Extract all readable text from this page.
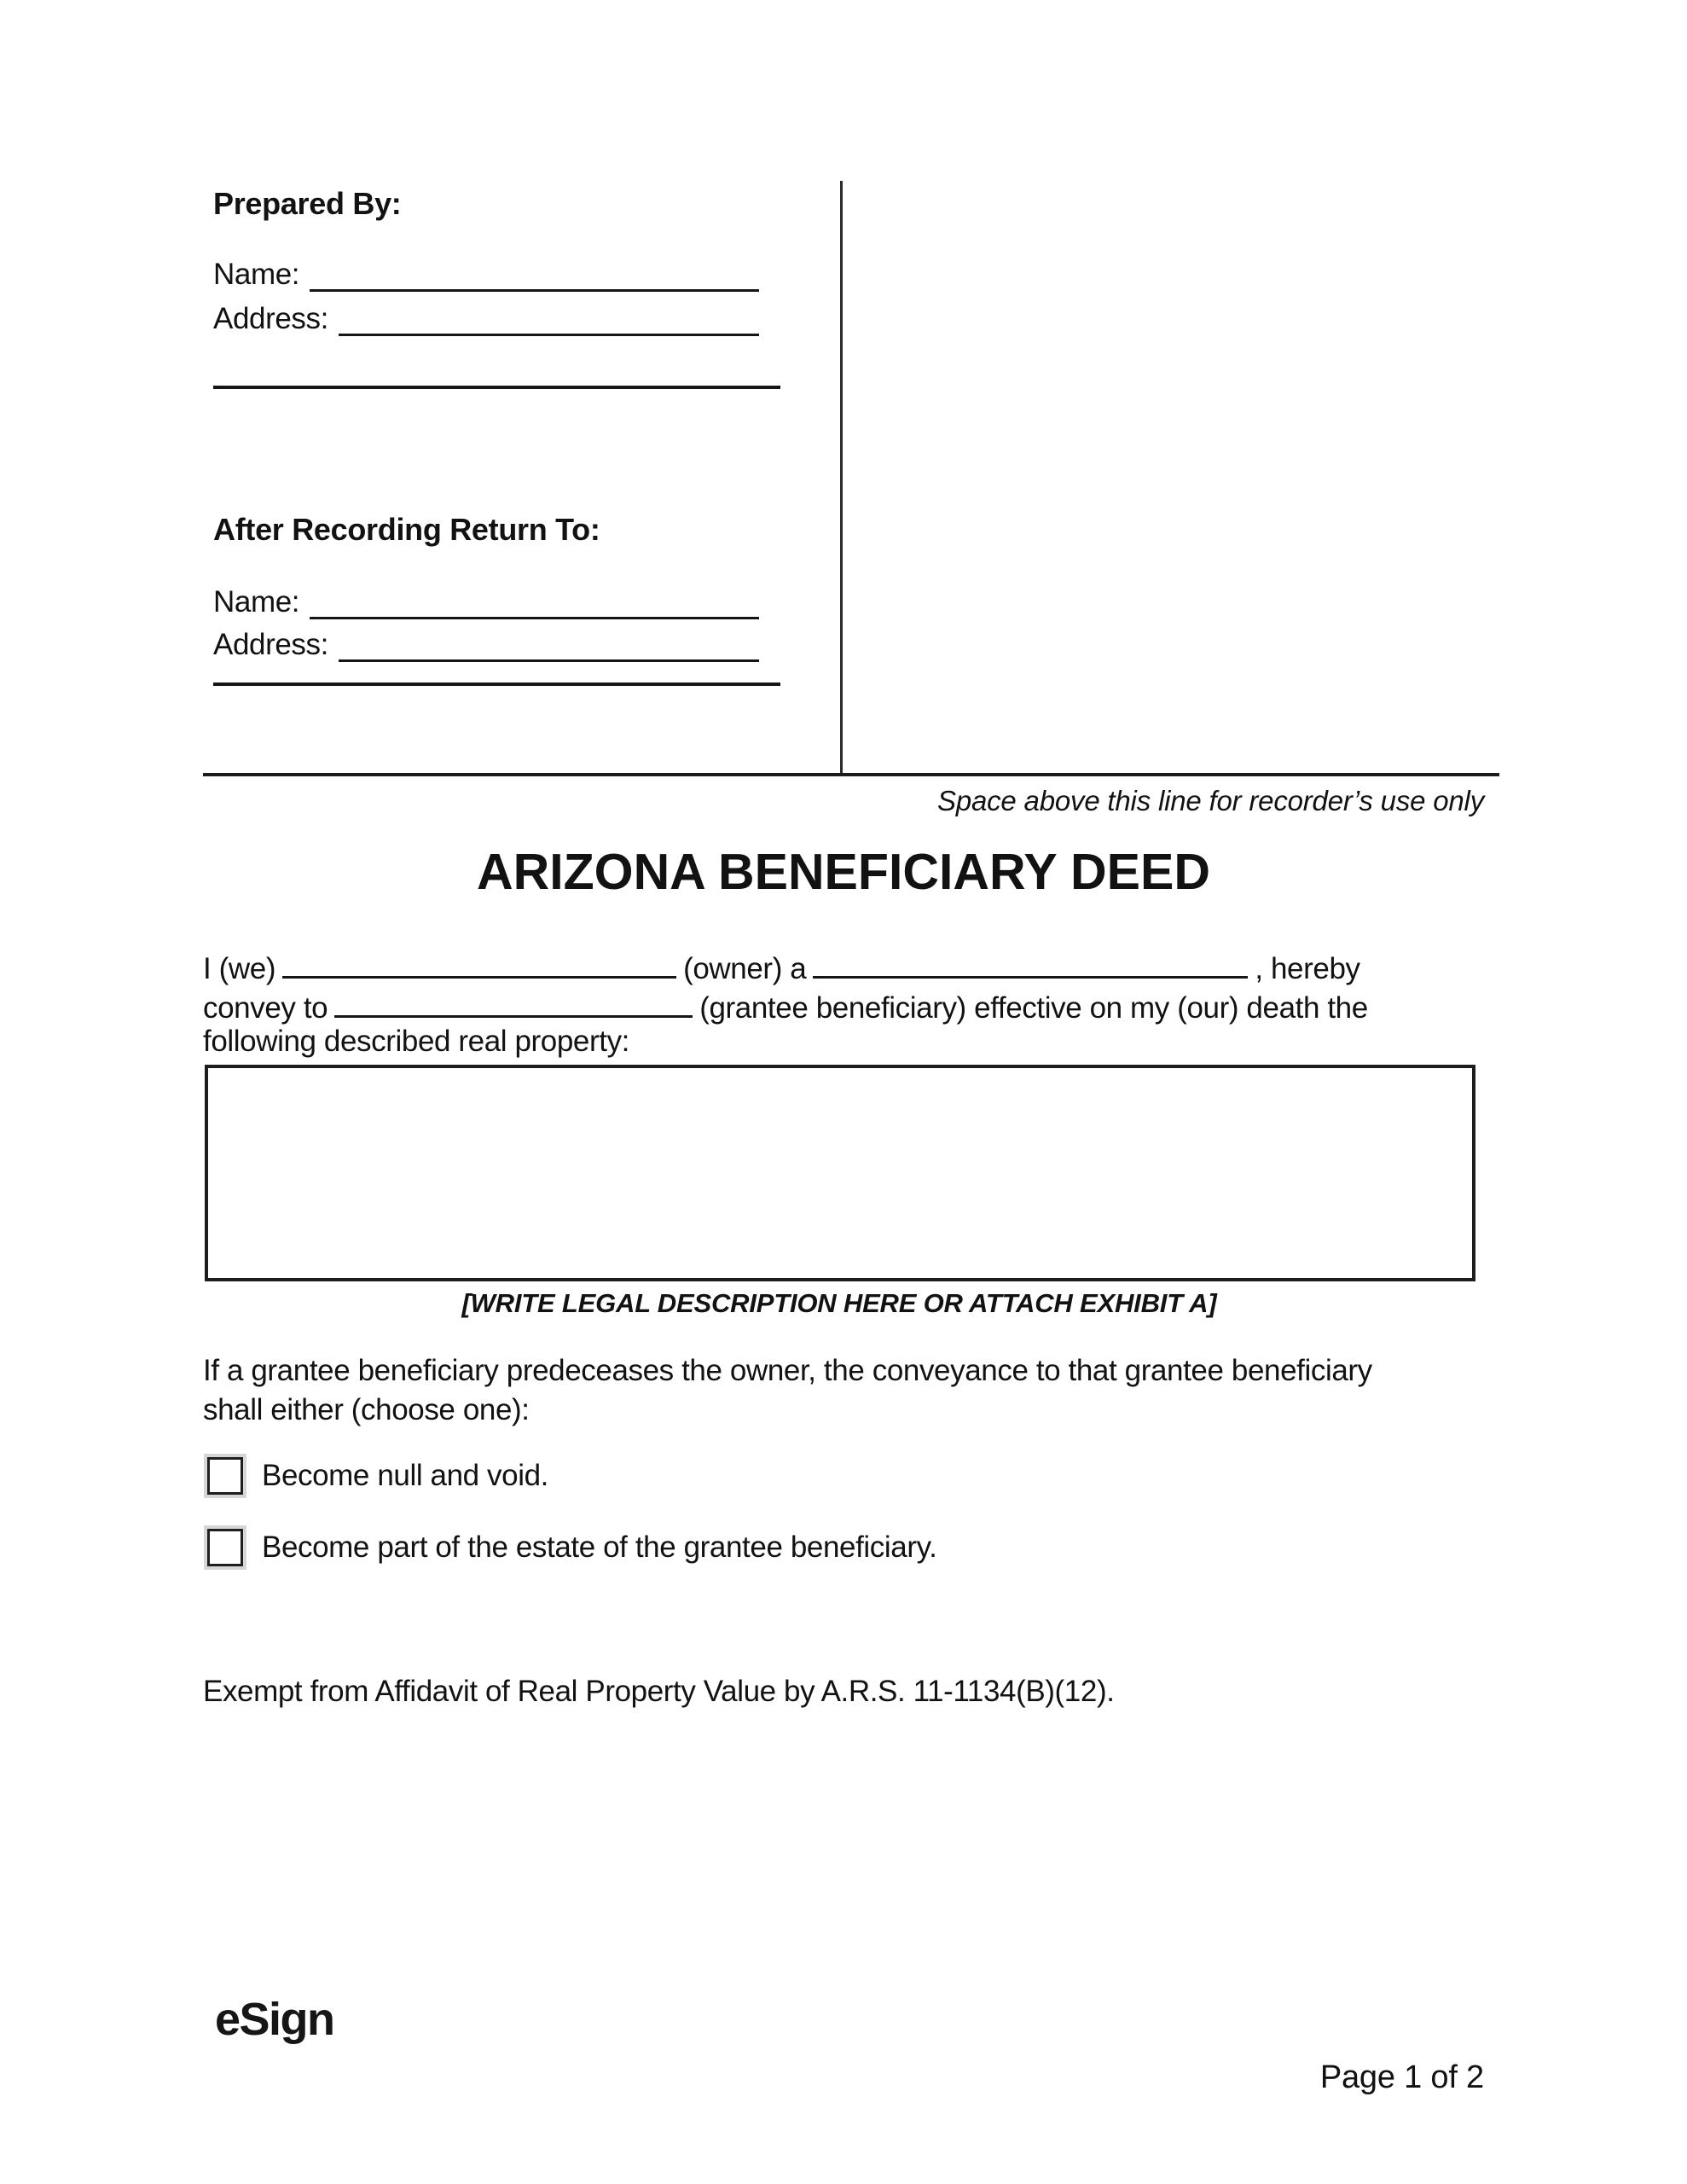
Prepared By:
Name:
Address:
After Recording Return To:
Name:
Address:
Space above this line for recorder’s use only
ARIZONA BENEFICIARY DEED
I (we)	(owner) a	, hereby
convey to	(grantee beneficiary) effective on my (our) death the
following described real property:
[WRITE LEGAL DESCRIPTION HERE OR ATTACH EXHIBIT A]
If a grantee beneficiary predeceases the owner, the conveyance to that grantee beneficiary
shall either (choose one):
Become null and void.
Become part of the estate of the grantee beneficiary.
Exempt from Affidavit of Real Property Value by A.R.S. 11-1134(B)(12).
eSign
Page 1 of 2
